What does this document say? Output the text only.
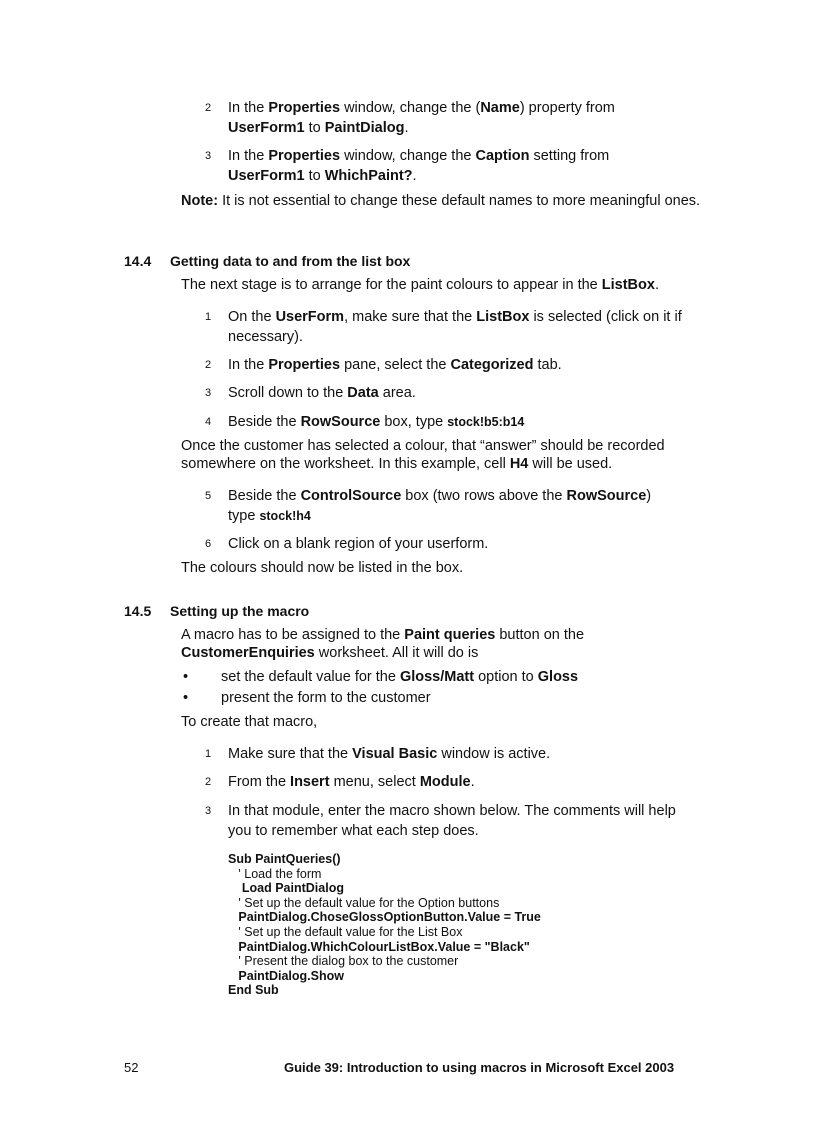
2	In the Properties window, change the (Name) property from
UserForm1 to PaintDialog.
3	In the Properties window, change the Caption setting from
UserForm1 to WhichPaint?.
Note: It is not essential to change these default names to more meaningful ones.
14.4 Getting data to and from the list box
The next stage is to arrange for the paint colours to appear in the ListBox.
1	On the UserForm, make sure that the ListBox is selected (click on it if necessary).
2	In the Properties pane, select the Categorized tab.
3	Scroll down to the Data area.
4	Beside the RowSource box, type stock!b5:b14
Once the customer has selected a colour, that “answer” should be recorded somewhere on the worksheet. In this example, cell H4 will be used.
5	Beside the ControlSource box (two rows above the RowSource)
type stock!h4
6	Click on a blank region of your userform.
The colours should now be listed in the box.
14.5 Setting up the macro
A macro has to be assigned to the Paint queries button on the
CustomerEnquiries worksheet. All it will do is
• set the default value for the Gloss/Matt option to Gloss
• present the form to the customer
To create that macro,
1	Make sure that the Visual Basic window is active.
2	From the Insert menu, select Module.
3	In that module, enter the macro shown below. The comments will help you to remember what each step does.
Sub PaintQueries()
' Load the form
Load PaintDialog
' Set up the default value for the Option buttons
PaintDialog.ChoseGlossOptionButton.Value = True
' Set up the default value for the List Box
PaintDialog.WhichColourListBox.Value = "Black"
' Present the dialog box to the customer
PaintDialog.Show
End Sub
52	Guide 39: Introduction to using macros in Microsoft Excel 2003
